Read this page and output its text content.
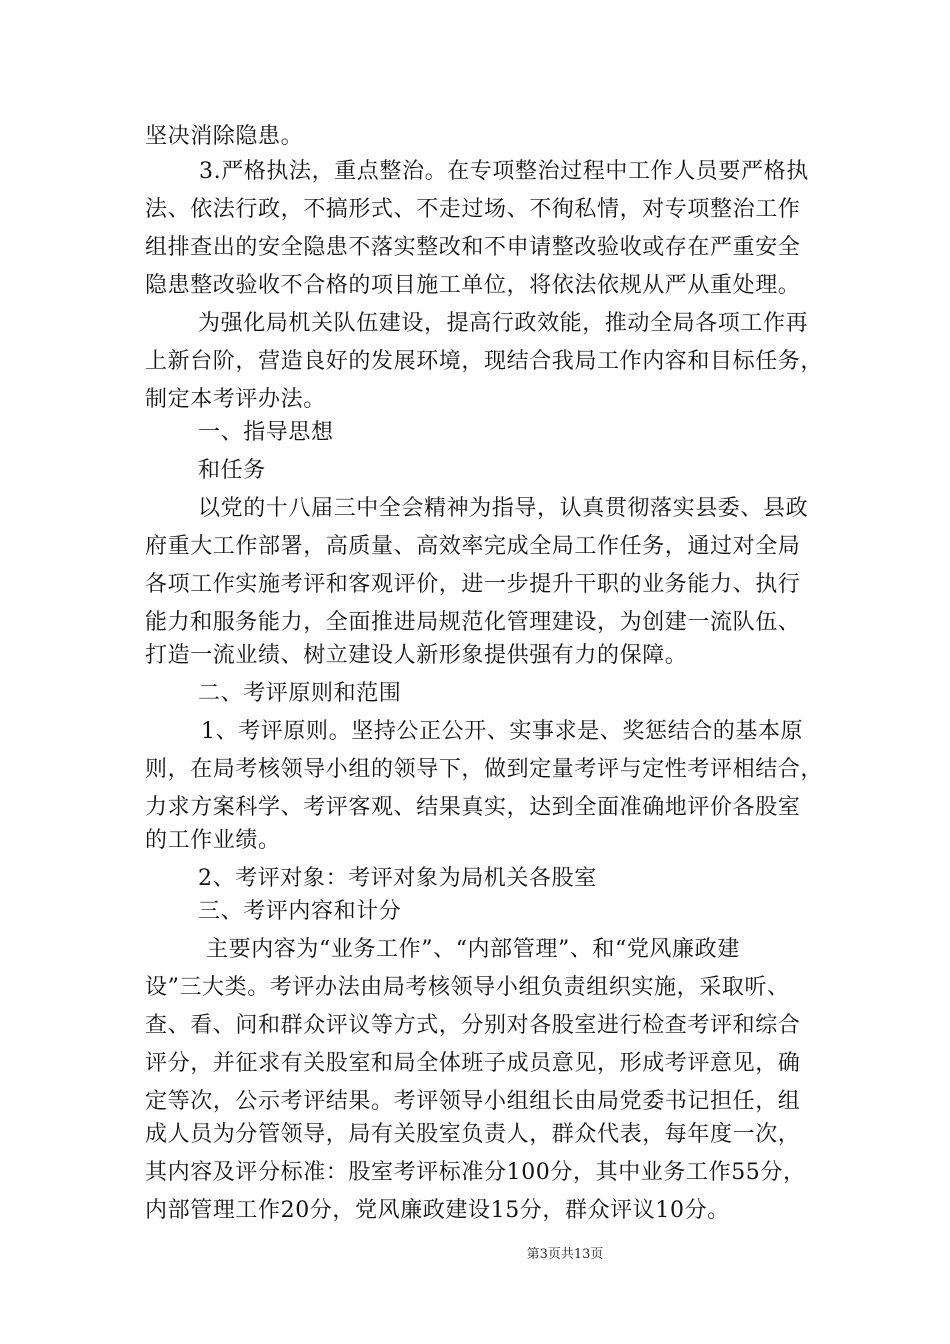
坚决消除隐患。
3.严格执法，重点整治。在专项整治过程中工作人员要严格执
法、依法行政，不搞形式、不走过场、不徇私情，对专项整治工作
组排查出的安全隐患不落实整改和不申请整改验收或存在严重安全
隐患整改验收不合格的项目施工单位，将依法依规从严从重处理。
为强化局机关队伍建设，提高行政效能，推动全局各项工作再
上新台阶，营造良好的发展环境，现结合我局工作内容和目标任务，
制定本考评办法。
一、指导思想
和任务
以党的十八届三中全会精神为指导，认真贯彻落实县委、县政
府重大工作部署，高质量、高效率完成全局工作任务，通过对全局
各项工作实施考评和客观评价，进一步提升干职的业务能力、执行
能力和服务能力，全面推进局规范化管理建设，为创建一流队伍、
打造一流业绩、树立建设人新形象提供强有力的保障。
二、考评原则和范围
1、考评原则。坚持公正公开、实事求是、奖惩结合的基本原
则，在局考核领导小组的领导下，做到定量考评与定性考评相结合，
力求方案科学、考评客观、结果真实，达到全面准确地评价各股室
的工作业绩。
2、考评对象：考评对象为局机关各股室
三、考评内容和计分
主要内容为“业务工作”、“内部管理”、和“党风廉政建
设”三大类。考评办法由局考核领导小组负责组织实施，采取听、
查、看、问和群众评议等方式，分别对各股室进行检查考评和综合
评分，并征求有关股室和局全体班子成员意见，形成考评意见，确
定等次，公示考评结果。考评领导小组组长由局党委书记担任，组
成人员为分管领导，局有关股室负责人，群众代表，每年度一次，
其内容及评分标准：股室考评标准分100分，其中业务工作55分，
内部管理工作20分，党风廉政建设15分，群众评议10分。
第3页共13页
